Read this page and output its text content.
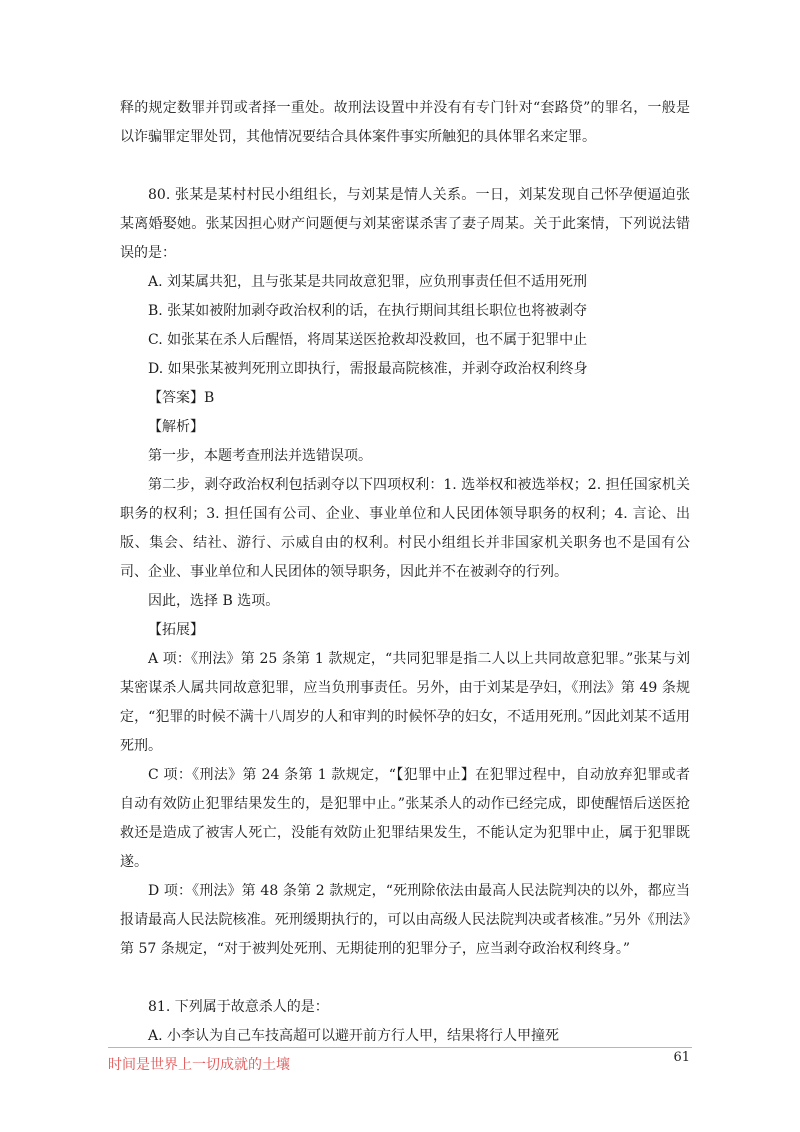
释的规定数罪并罚或者择一重处。故刑法设置中并没有有专门针对“套路贷”的罪名，一般是以诈骗罪定罪处罚，其他情况要结合具体案件事实所触犯的具体罪名来定罪。

80. 张某是某村村民小组组长，与刘某是情人关系。一日，刘某发现自己怀孕便逼迫张某离婚娶她。张某因担心财产问题便与刘某密谋杀害了妻子周某。关于此案情，下列说法错误的是：

A. 刘某属共犯，且与张某是共同故意犯罪，应负刑事责任但不适用死刑

B. 张某如被附加剥夺政治权利的话，在执行期间其组长职位也将被剥夺

C. 如张某在杀人后醒悟，将周某送医抢救却没救回，也不属于犯罪中止

D. 如果张某被判死刑立即执行，需报最高院核准，并剥夺政治权利终身

【答案】B

【解析】

第一步，本题考查刑法并选错误项。

第二步，剥夺政治权利包括剥夺以下四项权利：1. 选举权和被选举权；2. 担任国家机关职务的权利；3. 担任国有公司、企业、事业单位和人民团体领导职务的权利；4. 言论、出版、集会、结社、游行、示威自由的权利。村民小组组长并非国家机关职务也不是国有公司、企业、事业单位和人民团体的领导职务，因此并不在被剥夺的行列。

因此，选择 B 选项。

【拓展】

A 项：《刑法》第 25 条第 1 款规定，“共同犯罪是指二人以上共同故意犯罪。”张某与刘某密谋杀人属共同故意犯罪，应当负刑事责任。另外，由于刘某是孕妇，《刑法》第 49 条规定，“犯罪的时候不满十八周岁的人和审判的时候怀孕的妇女，不适用死刑。”因此刘某不适用死刑。

C 项：《刑法》第 24 条第 1 款规定，“【犯罪中止】在犯罪过程中，自动放弃犯罪或者自动有效防止犯罪结果发生的，是犯罪中止。”张某杀人的动作已经完成，即使醒悟后送医抢救还是造成了被害人死亡，没能有效防止犯罪结果发生，不能认定为犯罪中止，属于犯罪既遂。

D 项：《刑法》第 48 条第 2 款规定，“死刑除依法由最高人民法院判决的以外，都应当报请最高人民法院核准。死刑缓期执行的，可以由高级人民法院判决或者核准。”另外《刑法》第 57 条规定，“对于被判处死刑、无期徒刑的犯罪分子，应当剥夺政治权利终身。”

81. 下列属于故意杀人的是：

A. 小李认为自己车技高超可以避开前方行人甲，结果将行人甲撞死

时间是世界上一切成就的土壤	61
